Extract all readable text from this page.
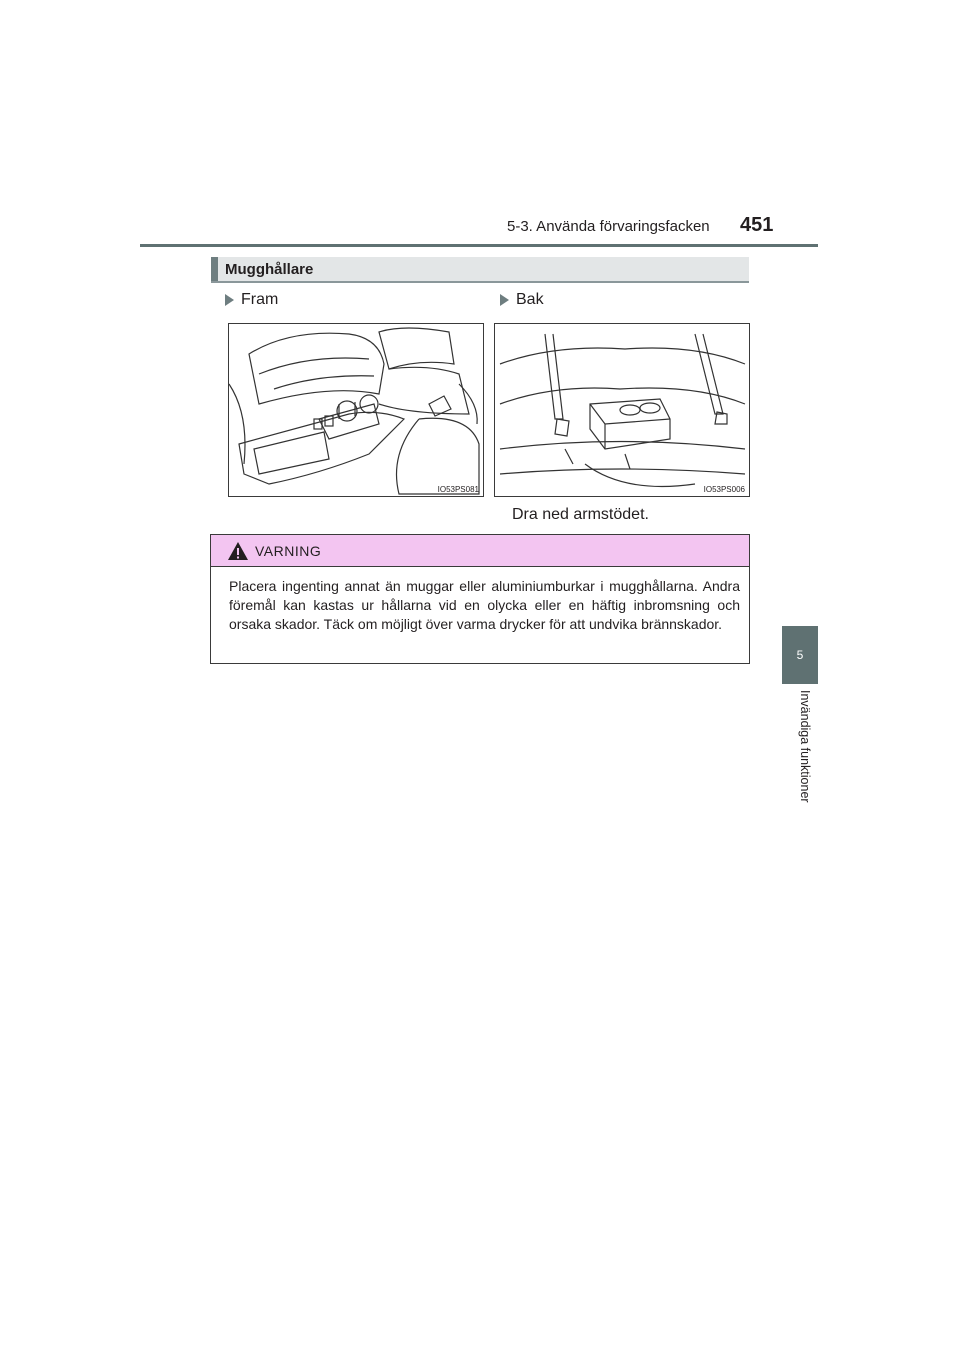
5-3. Använda förvaringsfacken 451
5
Invändiga funktioner
Mugghållare
Fram	Bak
IO53PS081	IO53PS006
Dra ned armstödet.
VARNING
Placera ingenting annat än muggar eller aluminiumburkar i mugghållarna. Andra föremål kan kastas ur hållarna vid en olycka eller en häftig inbromsning och orsaka skador. Täck om möjligt över varma drycker för att undvika brännskador.
